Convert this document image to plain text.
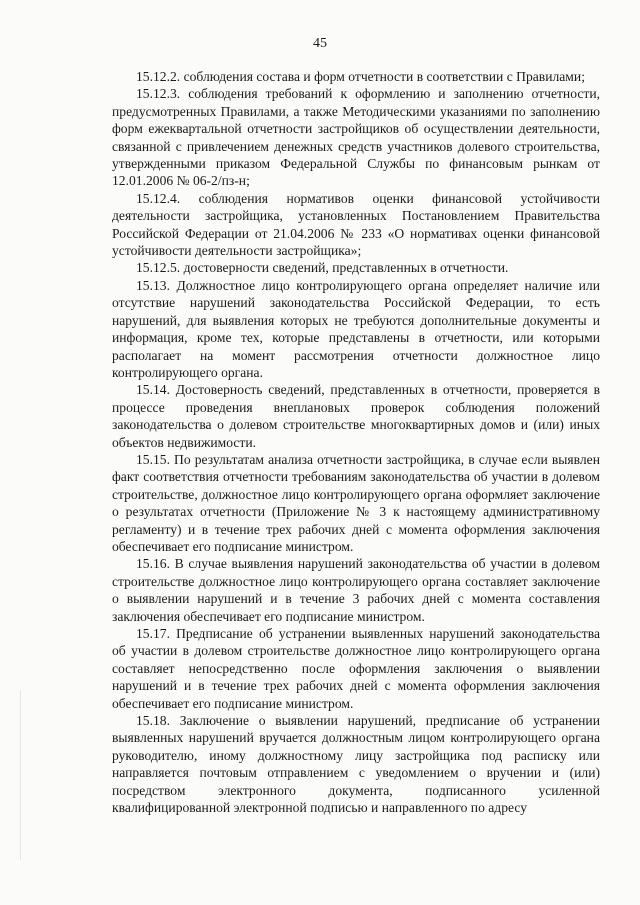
45

15.12.2. соблюдения состава и форм отчетности в соответствии с Правилами;

15.12.3. соблюдения требований к оформлению и заполнению отчетности, предусмотренных Правилами, а также Методическими указаниями по заполнению форм ежеквартальной отчетности застройщиков об осуществлении деятельности, связанной с привлечением денежных средств участников долевого строительства, утвержденными приказом Федеральной Службы по финансовым рынкам от 12.01.2006 № 06-2/пз-н;

15.12.4. соблюдения нормативов оценки финансовой устойчивости деятельности застройщика, установленных Постановлением Правительства Российской Федерации от 21.04.2006 № 233 «О нормативах оценки финансовой устойчивости деятельности застройщика»;

15.12.5. достоверности сведений, представленных в отчетности.

15.13. Должностное лицо контролирующего органа определяет наличие или отсутствие нарушений законодательства Российской Федерации, то есть нарушений, для выявления которых не требуются дополнительные документы и информация, кроме тех, которые представлены в отчетности, или которыми располагает на момент рассмотрения отчетности должностное лицо контролирующего органа.

15.14. Достоверность сведений, представленных в отчетности, проверяется в процессе проведения внеплановых проверок соблюдения положений законодательства о долевом строительстве многоквартирных домов и (или) иных объектов недвижимости.

15.15. По результатам анализа отчетности застройщика, в случае если выявлен факт соответствия отчетности требованиям законодательства об участии в долевом строительстве, должностное лицо контролирующего органа оформляет заключение о результатах отчетности (Приложение № 3 к настоящему административному регламенту) и в течение трех рабочих дней с момента оформления заключения обеспечивает его подписание министром.

15.16. В случае выявления нарушений законодательства об участии в долевом строительстве должностное лицо контролирующего органа составляет заключение о выявлении нарушений и в течение 3 рабочих дней с момента составления заключения обеспечивает его подписание министром.

15.17. Предписание об устранении выявленных нарушений законодательства об участии в долевом строительстве должностное лицо контролирующего органа составляет непосредственно после оформления заключения о выявлении нарушений и в течение трех рабочих дней с момента оформления заключения обеспечивает его подписание министром.

15.18. Заключение о выявлении нарушений, предписание об устранении выявленных нарушений вручается должностным лицом контролирующего органа руководителю, иному должностному лицу застройщика под расписку или направляется почтовым отправлением с уведомлением о вручении и (или) посредством электронного документа, подписанного усиленной квалифицированной электронной подписью и направленного по адресу
